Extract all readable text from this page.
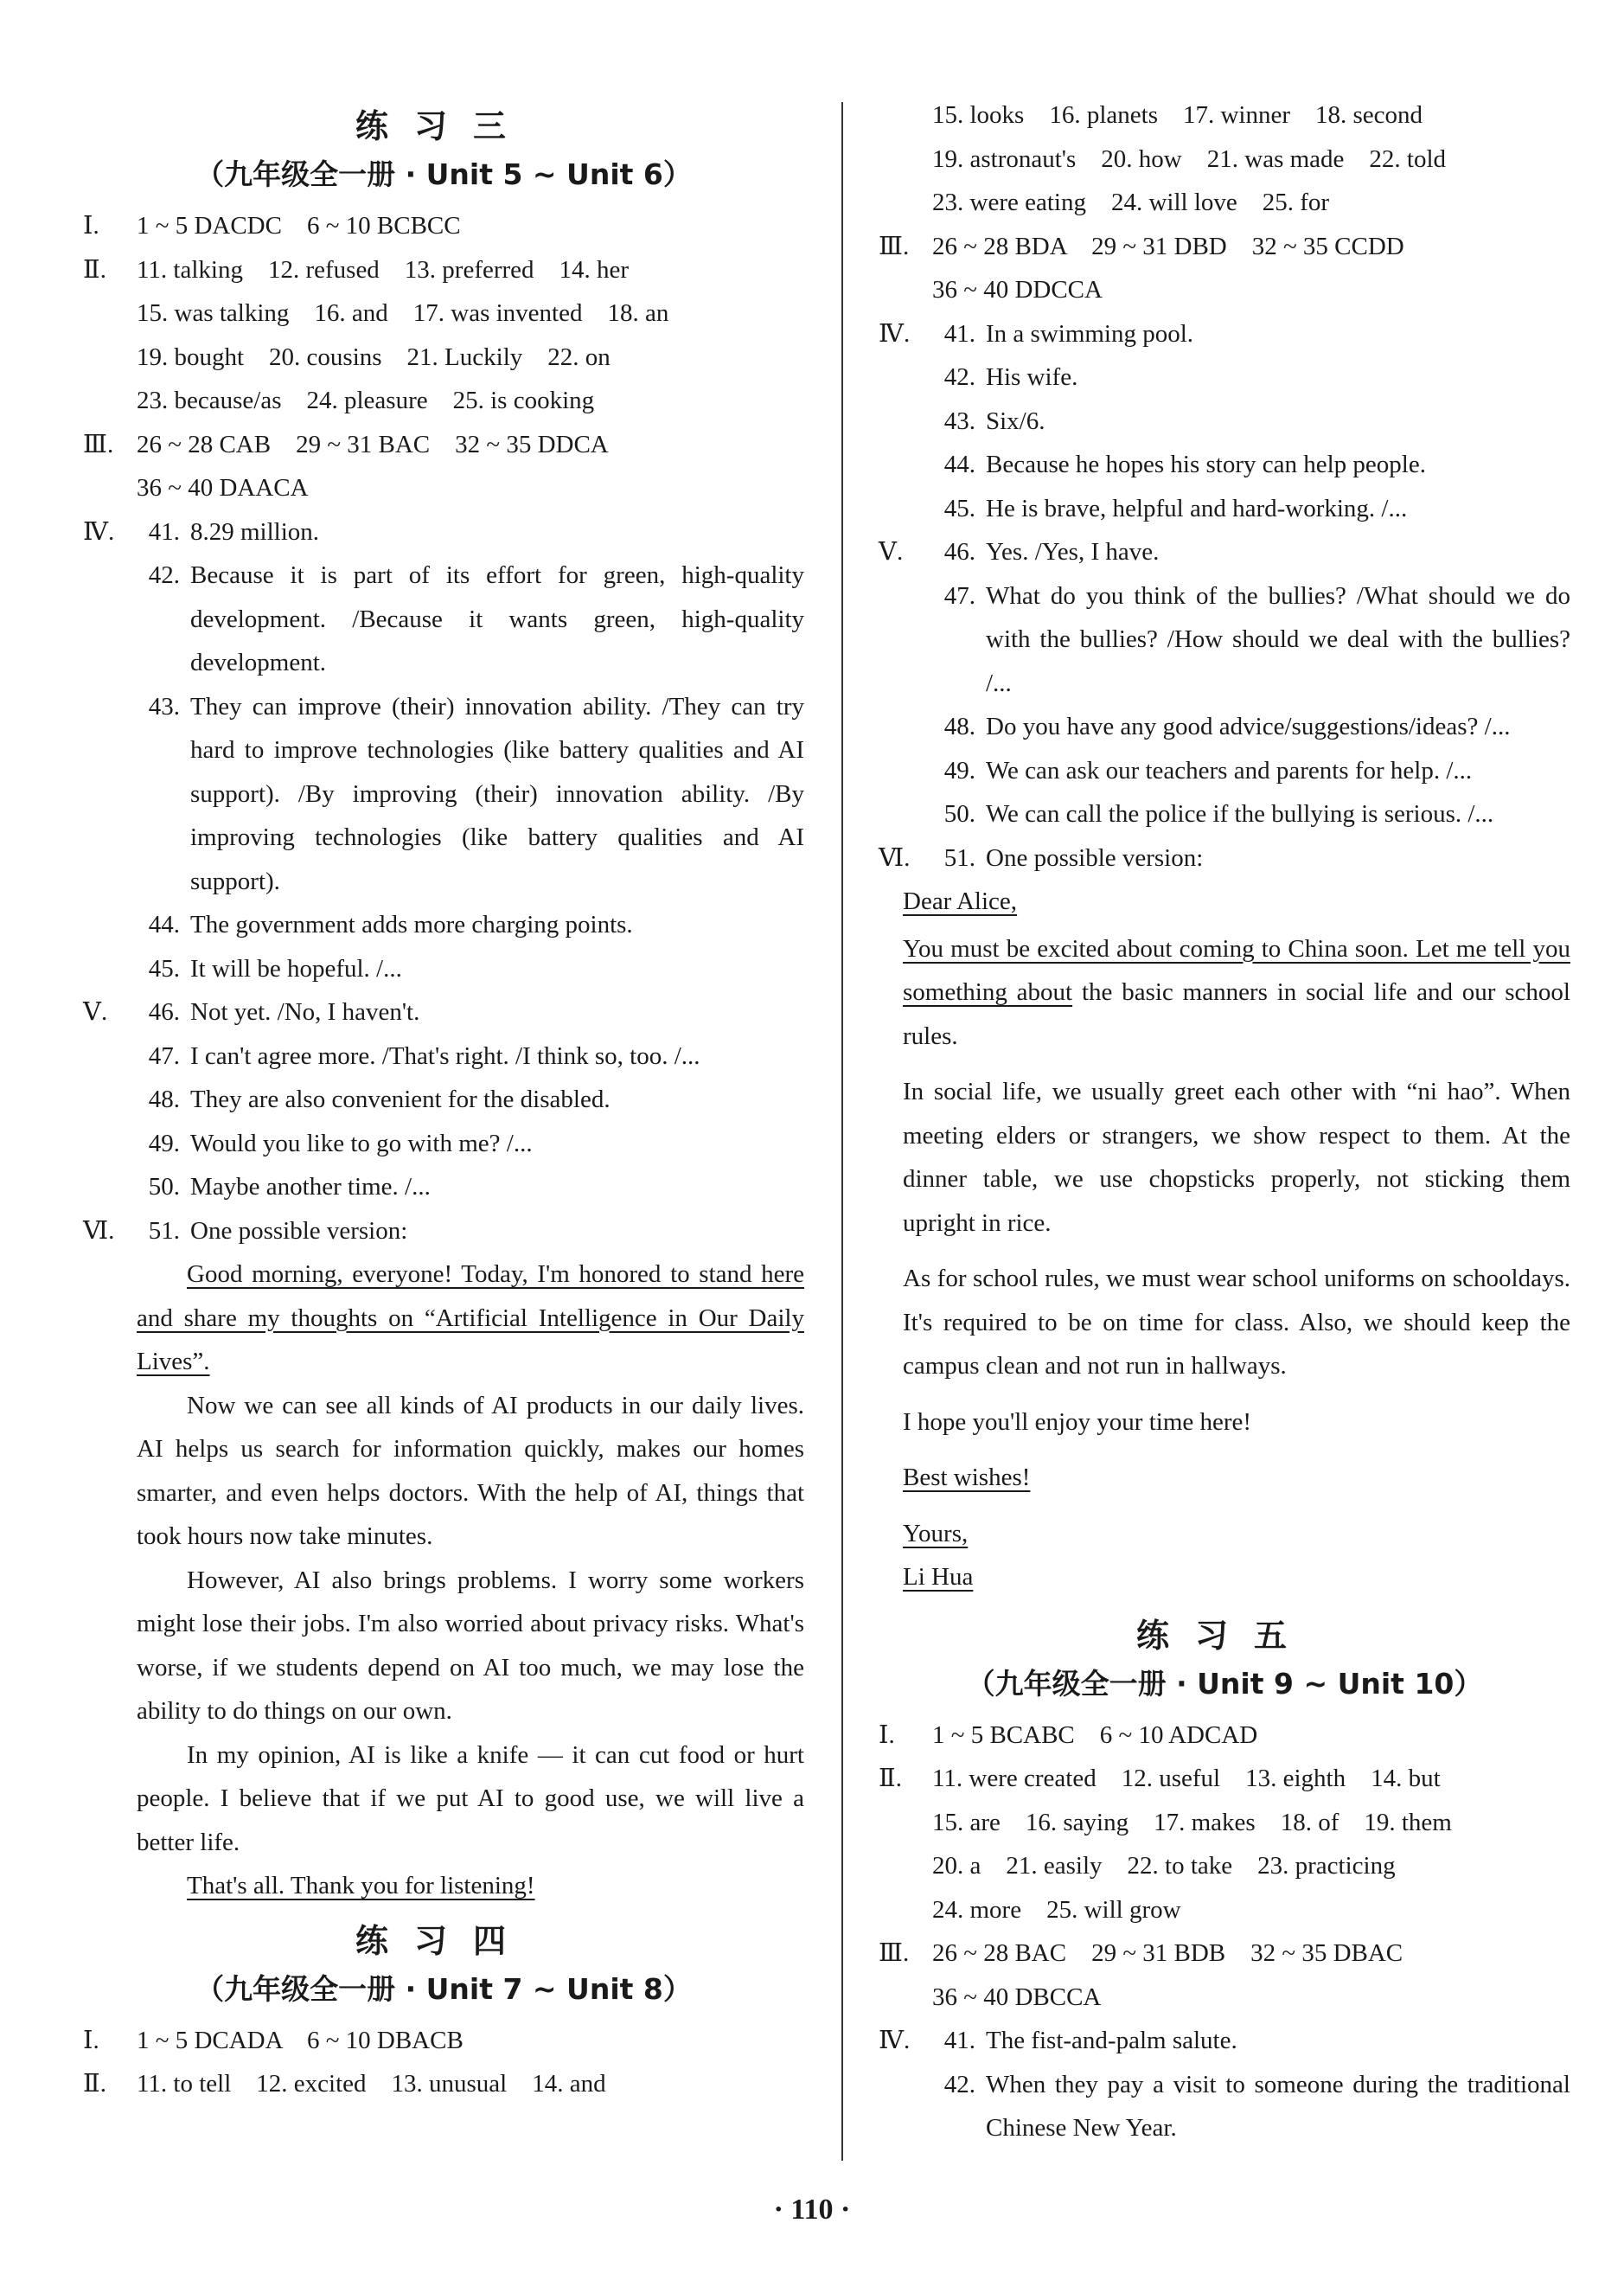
练习三
（九年级全一册 · Unit 5 ~ Unit 6）
Ⅰ.	1 ~ 5 DACDC    6 ~ 10 BCBCC
Ⅱ.	11. talking    12. refused    13. preferred    14. her
15. was talking    16. and    17. was invented    18. an
19. bought    20. cousins    21. Luckily    22. on
23. because/as    24. pleasure    25. is cooking
Ⅲ. 26 ~ 28 CAB    29 ~ 31 BAC    32 ~ 35 DDCA
36 ~ 40 DAACA
Ⅳ.	41. 8.29 million.
42. Because it is part of its effort for green, high-quality development. /Because it wants green, high-quality development.
43. They can improve (their) innovation ability. /They can try hard to improve technologies (like battery qualities and AI support). /By improving (their) innovation ability. /By improving technologies (like battery qualities and AI support).
44. The government adds more charging points.
45. It will be hopeful. /...
Ⅴ.	46. Not yet. /No, I haven't.
47. I can't agree more. /That's right. /I think so, too. /...
48. They are also convenient for the disabled.
49. Would you like to go with me? /...
50. Maybe another time. /...
Ⅵ.	51. One possible version:

Good morning, everyone! Today, I'm honored to stand here and share my thoughts on “Artificial Intelligence in Our Daily Lives”.

Now we can see all kinds of AI products in our daily lives. AI helps us search for information quickly, makes our homes smarter, and even helps doctors. With the help of AI, things that took hours now take minutes.

However, AI also brings problems. I worry some workers might lose their jobs. I'm also worried about privacy risks. What's worse, if we students depend on AI too much, we may lose the ability to do things on our own.

In my opinion, AI is like a knife — it can cut food or hurt people. I believe that if we put AI to good use, we will live a better life.

That's all. Thank you for listening!

练习四
（九年级全一册 · Unit 7 ~ Unit 8）
Ⅰ.	1 ~ 5 DCADA    6 ~ 10 DBACB
Ⅱ.	11. to tell    12. excited    13. unusual    14. and
15. looks    16. planets    17. winner    18. second
19. astronaut's    20. how    21. was made    22. told
23. were eating    24. will love    25. for
Ⅲ. 26 ~ 28 BDA    29 ~ 31 DBD    32 ~ 35 CCDD
36 ~ 40 DDCCA
Ⅳ.	41. In a swimming pool.
42. His wife.
43. Six/6.
44. Because he hopes his story can help people.
45. He is brave, helpful and hard-working. /...
Ⅴ.	46. Yes. /Yes, I have.
47. What do you think of the bullies? /What should we do with the bullies? /How should we deal with the bullies? /...
48. Do you have any good advice/suggestions/ideas? /...
49. We can ask our teachers and parents for help. /...
50. We can call the police if the bullying is serious. /...
Ⅵ.	51. One possible version:

Dear Alice,

You must be excited about coming to China soon. Let me tell you something about the basic manners in social life and our school rules.

In social life, we usually greet each other with “ni hao”. When meeting elders or strangers, we show respect to them. At the dinner table, we use chopsticks properly, not sticking them upright in rice.

As for school rules, we must wear school uniforms on schooldays. It's required to be on time for class. Also, we should keep the campus clean and not run in hallways.

I hope you'll enjoy your time here!

Best wishes!

Yours,

Li Hua

练习五
（九年级全一册 · Unit 9 ~ Unit 10）
Ⅰ.	1 ~ 5 BCABC    6 ~ 10 ADCAD
Ⅱ.	11. were created    12. useful    13. eighth    14. but
15. are    16. saying    17. makes    18. of    19. them
20. a    21. easily    22. to take    23. practicing
24. more    25. will grow
Ⅲ. 26 ~ 28 BAC    29 ~ 31 BDB    32 ~ 35 DBAC
36 ~ 40 DBCCA
Ⅳ.	41. The fist-and-palm salute.
42. When they pay a visit to someone during the traditional Chinese New Year.
· 110 ·
